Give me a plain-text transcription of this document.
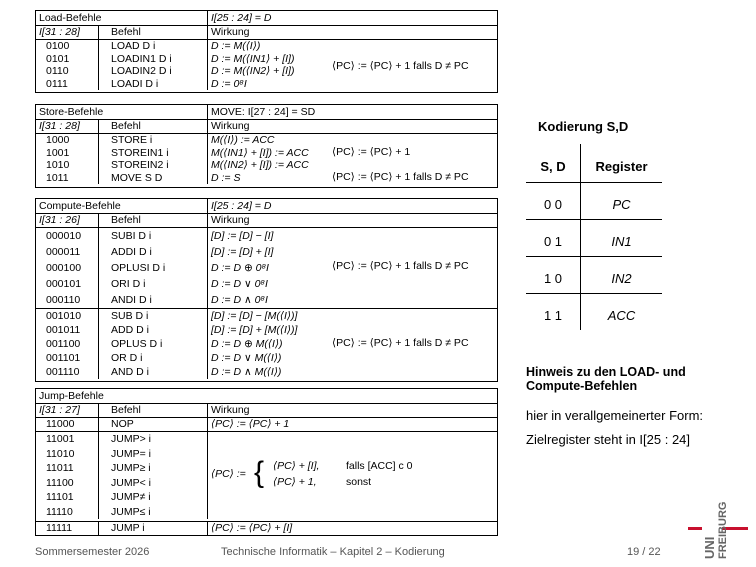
Load-Befehle	I[25 : 24] = D
I[31 : 28]	Befehl	Wirkung
0100	LOAD D i	D := M(⟨I⟩)
0101	LOADIN1 D i	D := M(⟨IN1⟩ + [I])
0110	LOADIN2 D i	D := M(⟨IN2⟩ + [I])
0111	LOADI D i	D := 0⁸I
⟨PC⟩ := ⟨PC⟩ + 1 falls D ≠ PC
Store-Befehle	MOVE: I[27 : 24] = SD
I[31 : 28]	Befehl	Wirkung
1000	STORE i	M(⟨I⟩) := ACC
1001	STOREIN1 i	M(⟨IN1⟩ + [I]) := ACC
1010	STOREIN2 i	M(⟨IN2⟩ + [I]) := ACC
1011	MOVE S D	D := S
⟨PC⟩ := ⟨PC⟩ + 1
⟨PC⟩ := ⟨PC⟩ + 1 falls D ≠ PC
Compute-Befehle	I[25 : 24] = D
I[31 : 26]	Befehl	Wirkung
000010	SUBI D i	[D] := [D] − [I]
000011	ADDI D i	[D] := [D] + [I]
000100	OPLUSI D i	D := D ⊕ 0⁸I
000101	ORI D i	D := D ∨ 0⁸I
000110	ANDI D i	D := D ∧ 0⁸I
⟨PC⟩ := ⟨PC⟩ + 1 falls D ≠ PC
001010	SUB D i	[D] := [D] − [M(⟨I⟩)]
001011	ADD D i	[D] := [D] + [M(⟨I⟩)]
001100	OPLUS D i	D := D ⊕ M(⟨I⟩)
001101	OR D i	D := D ∨ M(⟨I⟩)
001110	AND D i	D := D ∧ M(⟨I⟩)
⟨PC⟩ := ⟨PC⟩ + 1 falls D ≠ PC
Jump-Befehle
I[31 : 27]	Befehl	Wirkung
11000	NOP	⟨PC⟩ := ⟨PC⟩ + 1
11001	JUMP> i
11010	JUMP= i
11011	JUMP≥ i
11100	JUMP< i
11101	JUMP≠ i
11110	JUMP≤ i
⟨PC⟩ := { ⟨PC⟩ + [I],	falls [ACC] c 0
⟨PC⟩ + 1,	sonst
11111	JUMP i	⟨PC⟩ := ⟨PC⟩ + [I]
Kodierung S,D
S, D	Register
0 0	PC
0 1	IN1
1 0	IN2
1 1	ACC
Hinweis zu den LOAD- und
Compute-Befehlen
hier in verallgemeinerter Form:
Zielregister steht in I[25 : 24]
UNI FREIBURG
Sommersemester 2026	Technische Informatik – Kapitel 2 – Kodierung	19 / 22
